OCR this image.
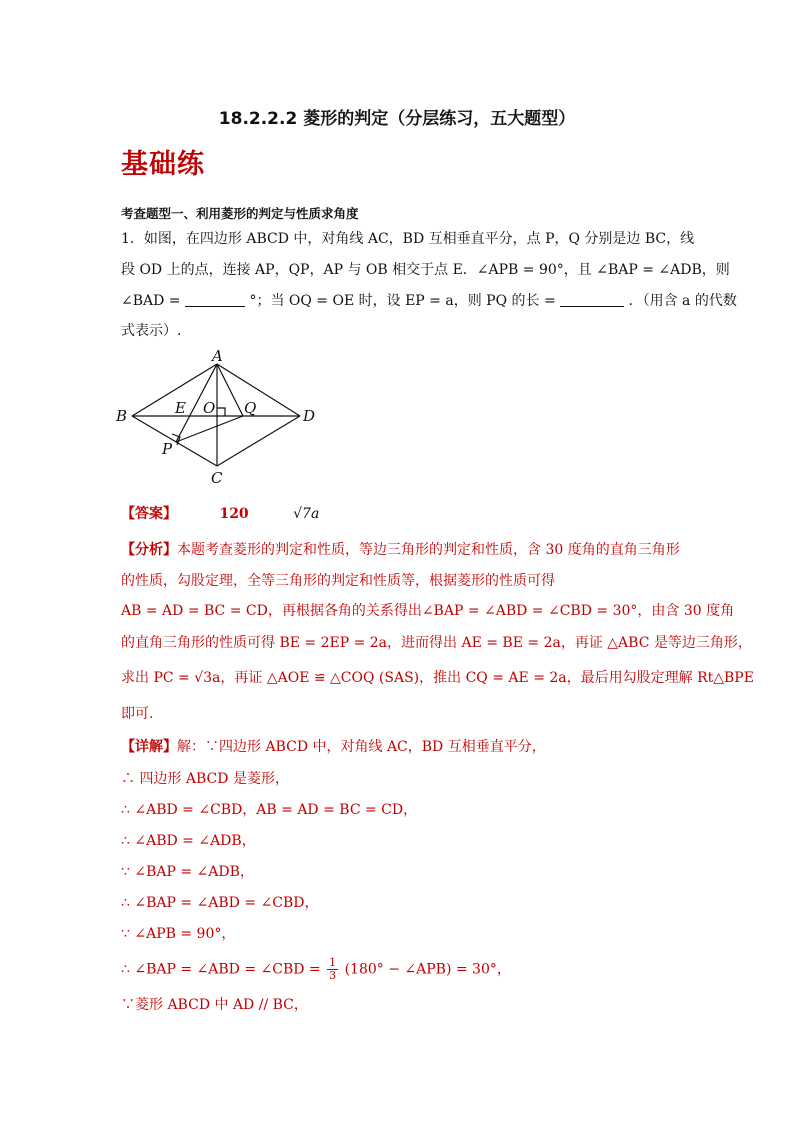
18.2.2.2 菱形的判定（分层练习，五大题型）
基础练
考查题型一、利用菱形的判定与性质求角度
1．如图，在四边形 ABCD 中，对角线 AC，BD 互相垂直平分，点 P，Q 分别是边 BC，线
段 OD 上的点，连接 AP，QP，AP 与 OB 相交于点 E．∠APB = 90°，且 ∠BAP = ∠ADB，则
∠BAD =	°；当 OQ = OE 时，设 EP = a，则 PQ 的长 =	．（用含 a 的代数
式表示）.
A
B
C
D
E O Q
P
【答案】	120	√7a
【分析】本题考查菱形的判定和性质，等边三角形的判定和性质，含 30 度角的直角三角形
的性质，勾股定理，全等三角形的判定和性质等，根据菱形的性质可得
AB = AD = BC = CD，再根据各角的关系得出∠BAP = ∠ABD = ∠CBD = 30°，由含 30 度角
的直角三角形的性质可得 BE = 2EP = 2a，进而得出 AE = BE = 2a，再证 △ABC 是等边三角形，
求出 PC = √3a，再证 △AOE ≌ △COQ (SAS)，推出 CQ = AE = 2a，最后用勾股定理解 Rt△BPE
即可.
【详解】解：∵四边形 ABCD 中，对角线 AC，BD 互相垂直平分，
∴ 四边形 ABCD 是菱形，
∴ ∠ABD = ∠CBD，AB = AD = BC = CD，
∴ ∠ABD = ∠ADB，
∵ ∠BAP = ∠ADB，
∴ ∠BAP = ∠ABD = ∠CBD，
∵ ∠APB = 90°，
∴ ∠BAP = ∠ABD = ∠CBD = $\frac{1}{3} (180^\circ$ − ∠APB) = 30°，
∵菱形 ABCD 中 AD // BC，
